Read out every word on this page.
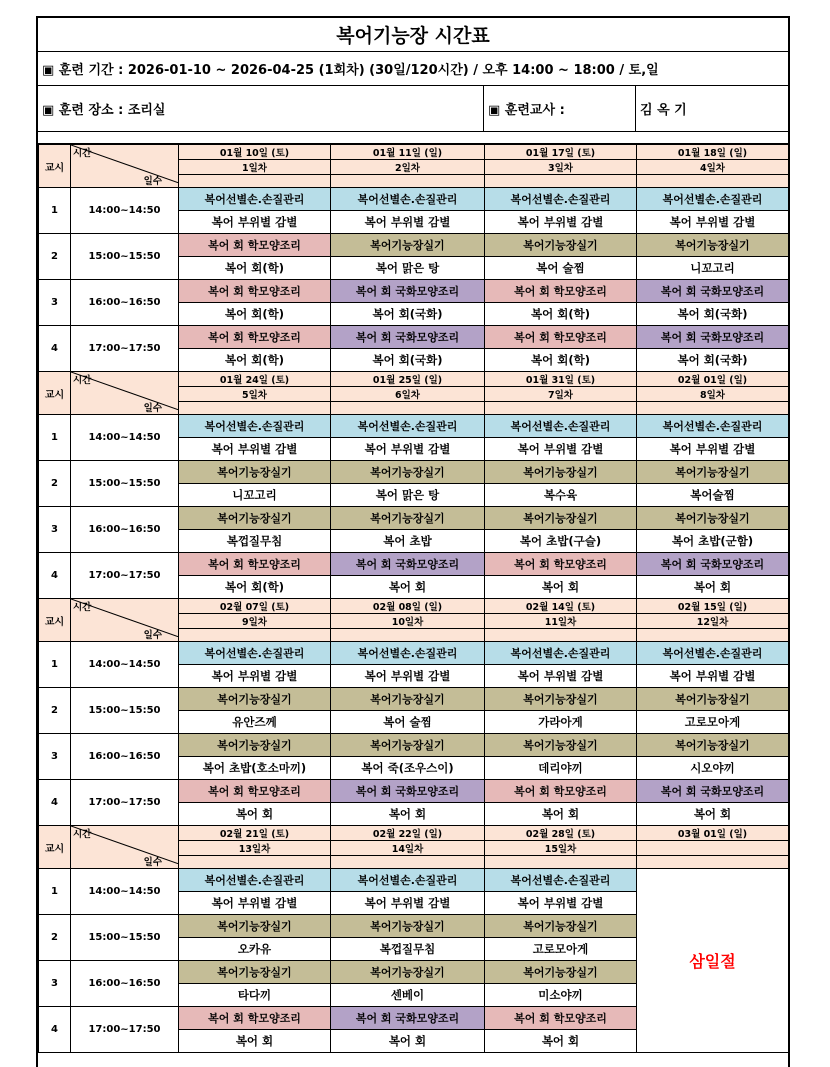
복어기능장 시간표
▣ 훈련 기간 : 2026-01-10 ~ 2026-04-25 (1회차) (30일/120시간) / 오후 14:00 ~ 18:00 / 토,일
▣ 훈련 장소 : 조리실	▣ 훈련교사 :	김 옥 기
교시	시간
일수	01월 10일 (토)	01월 11일 (일)	01월 17일 (토)	01월 18일 (일)
		1일차	2일차	3일차	4일차

1	14:00~14:50	복어선별손.손질관리	복어선별손.손질관리	복어선별손.손질관리	복어선별손.손질관리
		복어 부위별 감별	복어 부위별 감별	복어 부위별 감별	복어 부위별 감별
2	15:00~15:50	복어 회 학모양조리	복어기능장실기	복어기능장실기	복어기능장실기
		복어 회(학)	복어 맑은 탕	복어 술찜	니꼬고리
3	16:00~16:50	복어 회 학모양조리	복어 회 국화모양조리	복어 회 학모양조리	복어 회 국화모양조리
		복어 회(학)	복어 회(국화)	복어 회(학)	복어 회(국화)
4	17:00~17:50	복어 회 학모양조리	복어 회 국화모양조리	복어 회 학모양조리	복어 회 국화모양조리
		복어 회(학)	복어 회(국화)	복어 회(학)	복어 회(국화)
교시	시간
일수	01월 24일 (토)	01월 25일 (일)	01월 31일 (토)	02월 01일 (일)
		5일차	6일차	7일차	8일차

1	14:00~14:50	복어선별손.손질관리	복어선별손.손질관리	복어선별손.손질관리	복어선별손.손질관리
		복어 부위별 감별	복어 부위별 감별	복어 부위별 감별	복어 부위별 감별
2	15:00~15:50	복어기능장실기	복어기능장실기	복어기능장실기	복어기능장실기
		니꼬고리	복어 맑은 탕	복수육	복어술찜
3	16:00~16:50	복어기능장실기	복어기능장실기	복어기능장실기	복어기능장실기
		복껍질무침	복어 초밥	복어 초밥(구슬)	복어 초밥(군함)
4	17:00~17:50	복어 회 학모양조리	복어 회 국화모양조리	복어 회 학모양조리	복어 회 국화모양조리
		복어 회(학)	복어 회	복어 회	복어 회
교시	시간
일수	02월 07일 (토)	02월 08일 (일)	02월 14일 (토)	02월 15일 (일)
		9일차	10일차	11일차	12일차

1	14:00~14:50	복어선별손.손질관리	복어선별손.손질관리	복어선별손.손질관리	복어선별손.손질관리
		복어 부위별 감별	복어 부위별 감별	복어 부위별 감별	복어 부위별 감별
2	15:00~15:50	복어기능장실기	복어기능장실기	복어기능장실기	복어기능장실기
		유안즈께	복어 술찜	가라아게	고로모아게
3	16:00~16:50	복어기능장실기	복어기능장실기	복어기능장실기	복어기능장실기
		복어 초밥(호소마끼)	복어 죽(조우스이)	데리야끼	시오야끼
4	17:00~17:50	복어 회 학모양조리	복어 회 국화모양조리	복어 회 학모양조리	복어 회 국화모양조리
		복어 회	복어 회	복어 회	복어 회
교시	시간
일수	02월 21일 (토)	02월 22일 (일)	02월 28일 (토)	03월 01일 (일)
		13일차	14일차	15일차	

1	14:00~14:50	복어선별손.손질관리	복어선별손.손질관리	복어선별손.손질관리	삼일절
		복어 부위별 감별	복어 부위별 감별	복어 부위별 감별	
2	15:00~15:50	복어기능장실기	복어기능장실기	복어기능장실기	
		오카유	복껍질무침	고로모아게	
3	16:00~16:50	복어기능장실기	복어기능장실기	복어기능장실기	
		타다끼	센베이	미소야끼	
4	17:00~17:50	복어 회 학모양조리	복어 회 국화모양조리	복어 회 학모양조리	
		복어 회	복어 회	복어 회	
